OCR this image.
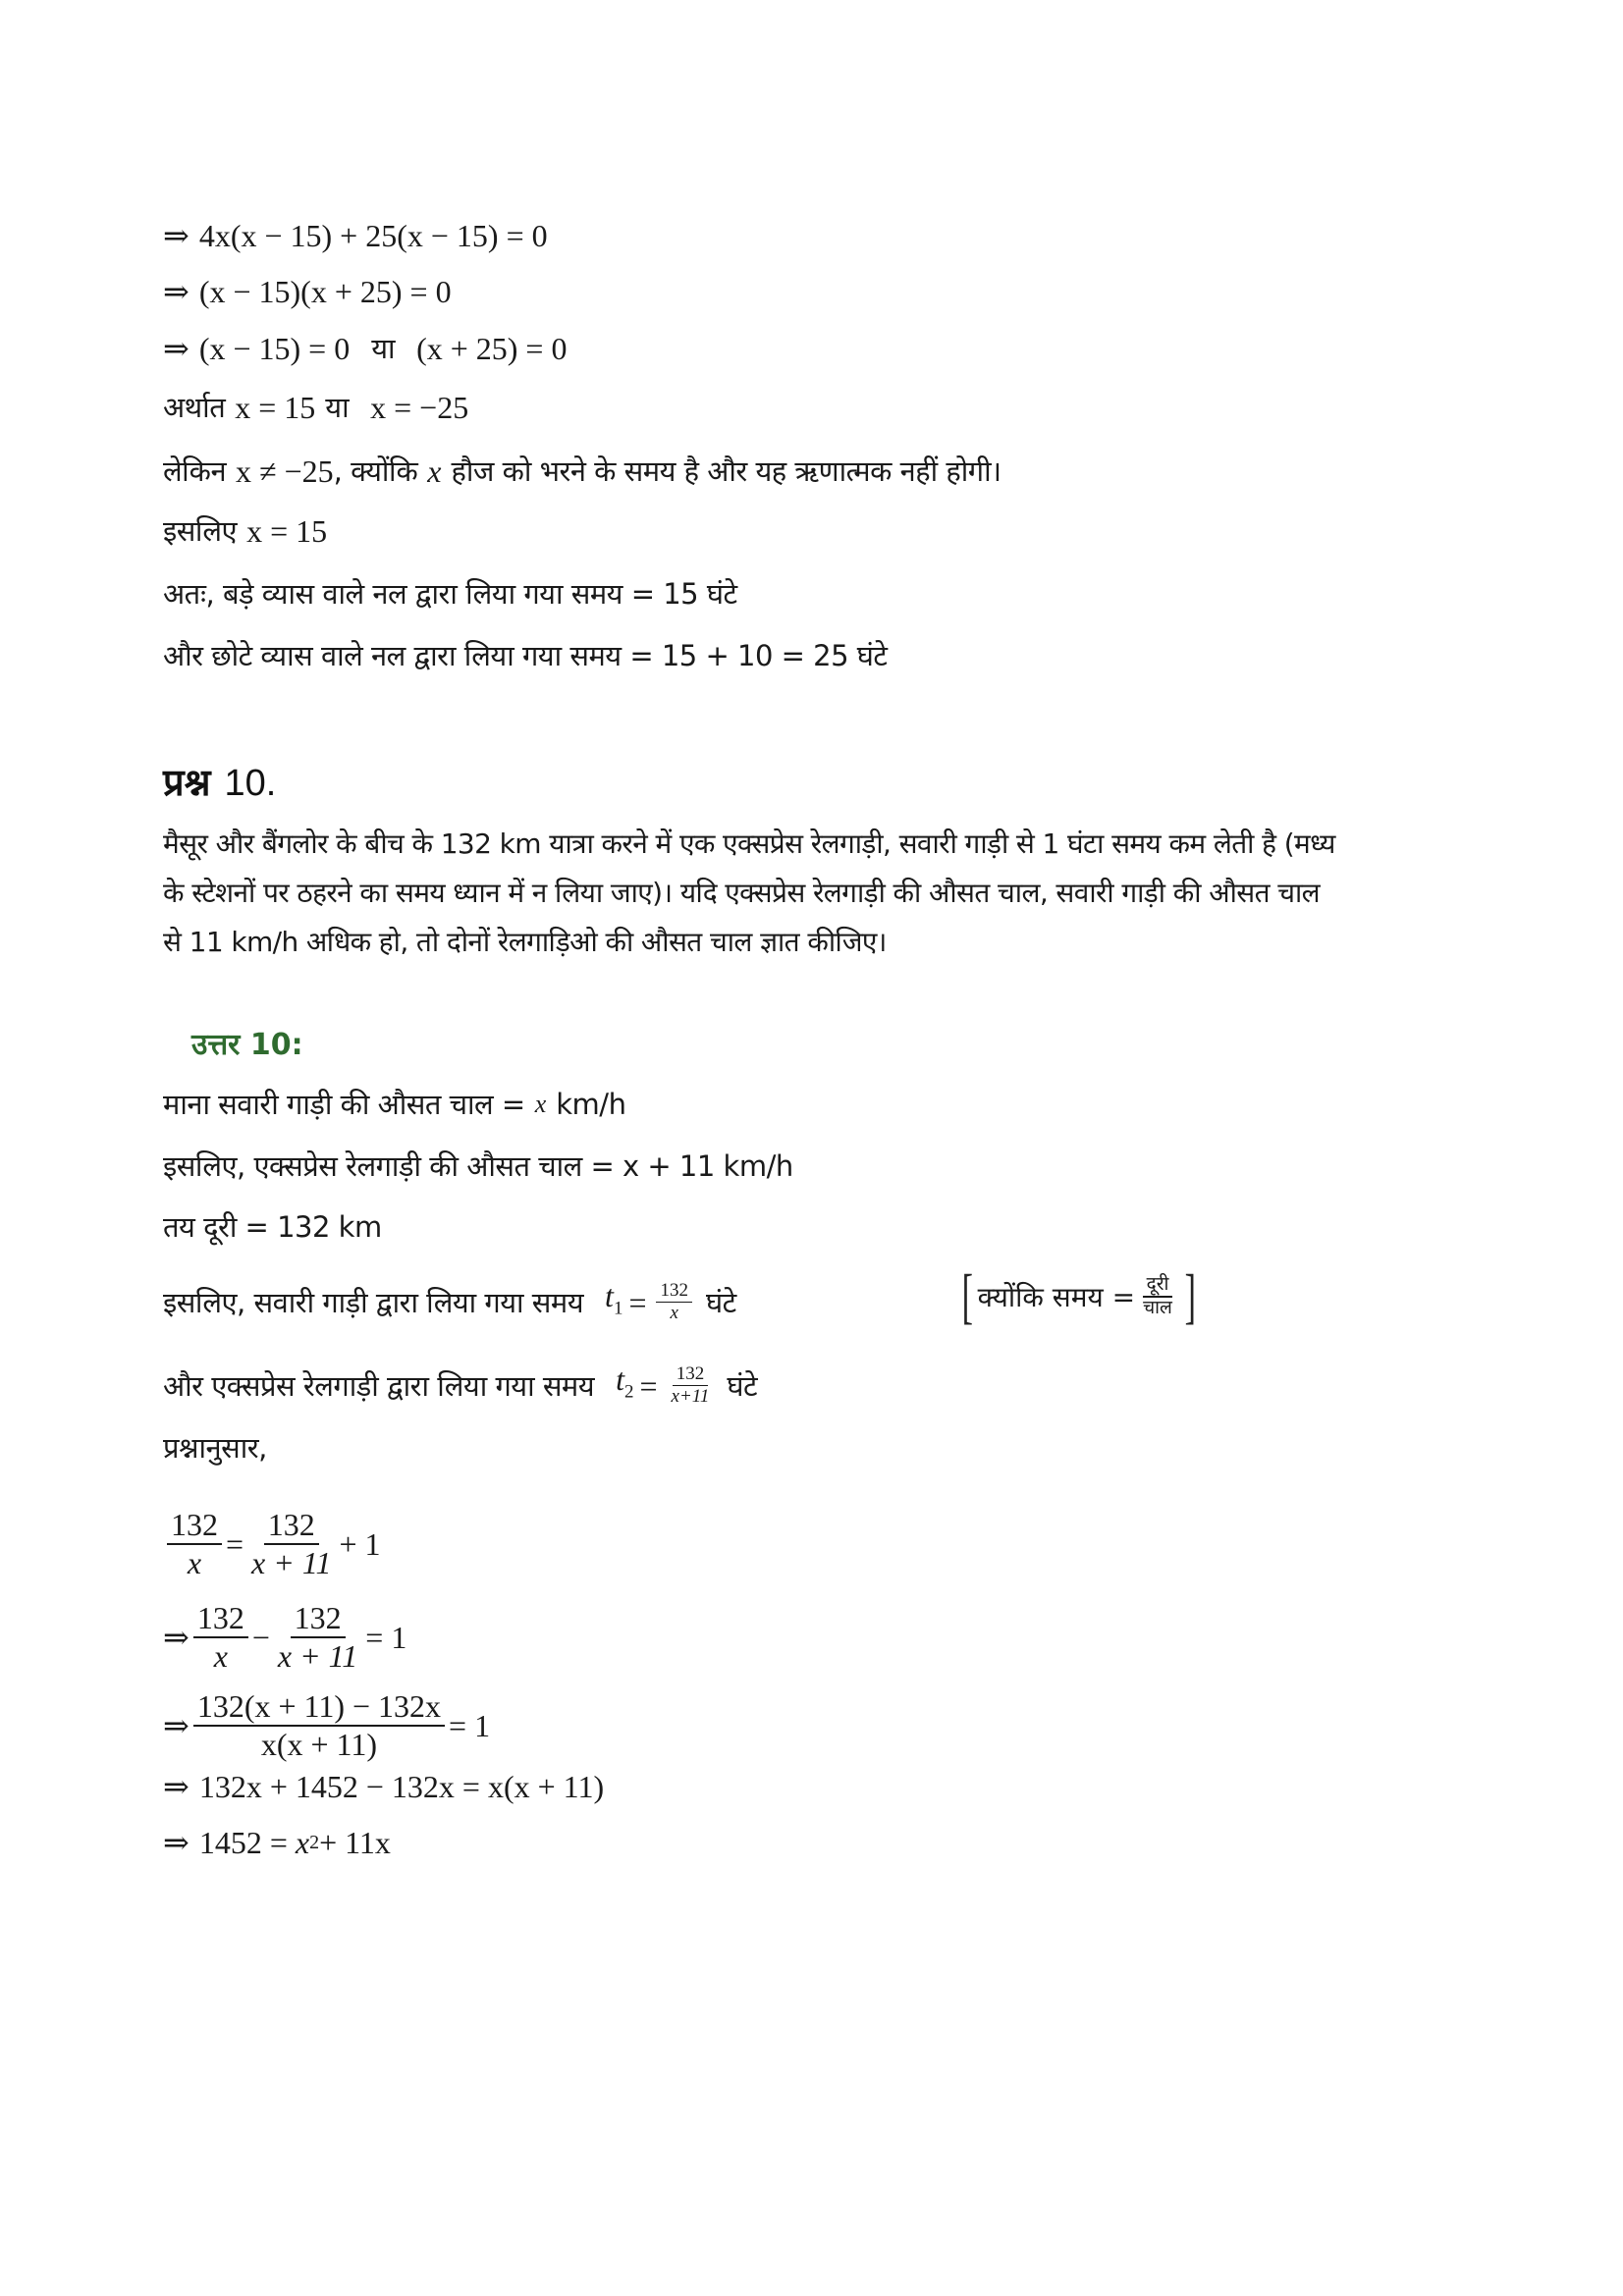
⇒ 4x(x − 15) + 25(x − 15) = 0
⇒ (x − 15)(x + 25) = 0
⇒ (x − 15) = 0 या (x + 25) = 0
अर्थात x = 15 या x = −25
लेकिन x ≠ −25 , क्योंकि x हौज को भरने के समय है और यह ऋणात्मक नहीं होगी।
इसलिए x = 15
अतः, बड़े व्यास वाले नल द्वारा लिया गया समय = 15 घंटे
और छोटे व्यास वाले नल द्वारा लिया गया समय = 15 + 10 = 25 घंटे
प्रश्न 10.
मैसूर और बैंगलोर के बीच के 132 km यात्रा करने में एक एक्सप्रेस रेलगाड़ी, सवारी गाड़ी से 1 घंटा समय कम लेती है (मध्य के स्टेशनों पर ठहरने का समय ध्यान में न लिया जाए)। यदि एक्सप्रेस रेलगाड़ी की औसत चाल, सवारी गाड़ी की औसत चाल से 11 km/h अधिक हो, तो दोनों रेलगाड़िओ की औसत चाल ज्ञात कीजिए।
उत्तर 10:
माना सवारी गाड़ी की औसत चाल = x km/h
इसलिए, एक्सप्रेस रेलगाड़ी की औसत चाल = x + 11 km/h
तय दूरी = 132 km
इसलिए, सवारी गाड़ी द्वारा लिया गया समय $t_1 = \frac{132}{x}$ घंटे	[ क्योंकि समय = $\frac{\text{दूरी}}{\text{चाल}}$ ]
और एक्सप्रेस रेलगाड़ी द्वारा लिया गया समय $t_2 = \frac{132}{x+11}$ घंटे
प्रश्नानुसार,
$\frac{132}{x} = \frac{132}{x + 11} + 1$
⇒ $\frac{132}{x} - \frac{132}{x + 11} = 1$
⇒ $\frac{132(x + 11) - 132x}{x(x + 11)} = 1$
⇒ 132x + 1452 − 132x = x(x + 11)
⇒ 1452 =
x 2 + 11x
